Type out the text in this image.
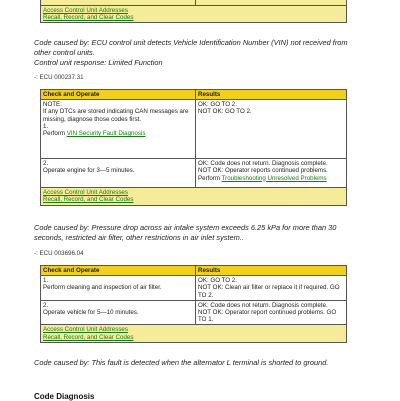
Access Control Unit Addresses
Recall, Record, and Clear Codes
Code caused by: ECU control unit detects Vehicle Identification Number (VIN) not received from other control units.
Control unit response: Limited Function
-: ECU 000237.31
Check and Operate	Results
NOTE:
If any DTCs are stored indicating CAN messages are missing, diagnose those codes first.
1.
Perform VIN Security Fault Diagnosis	OK: GO TO 2.
NOT OK: GO TO 2.
2.
Operate engine for 3—5 minutes.	OK: Code does not return. Diagnosis complete.
NOT OK: Operator reports continued problems.
Perform Troubleshooting Unresolved Problems
Access Control Unit Addresses
Recall, Record, and Clear Codes	
Code caused by: Pressure drop across air intake system exceeds 6.25 kPa for more than 30 seconds, restricted air filter, other restrictions in air inlet system..
-: ECU 003696.04
Check and Operate	Results
1.
Perform cleaning and inspection of air filter.	OK: GO TO 2.
NOT OK: Clean air filter or replace it if required. GO TO 2.
2.
Operate vehicle for 5—10 minutes.	OK: Code does not return. Diagnosis complete.
NOT OK: Operator report continued problems. GO TO 1.
Access Control Unit Addresses
Recall, Record, and Clear Codes	
Code caused by: This fault is detected when the alternator L terminal is shorted to ground.
Code Diagnosis
